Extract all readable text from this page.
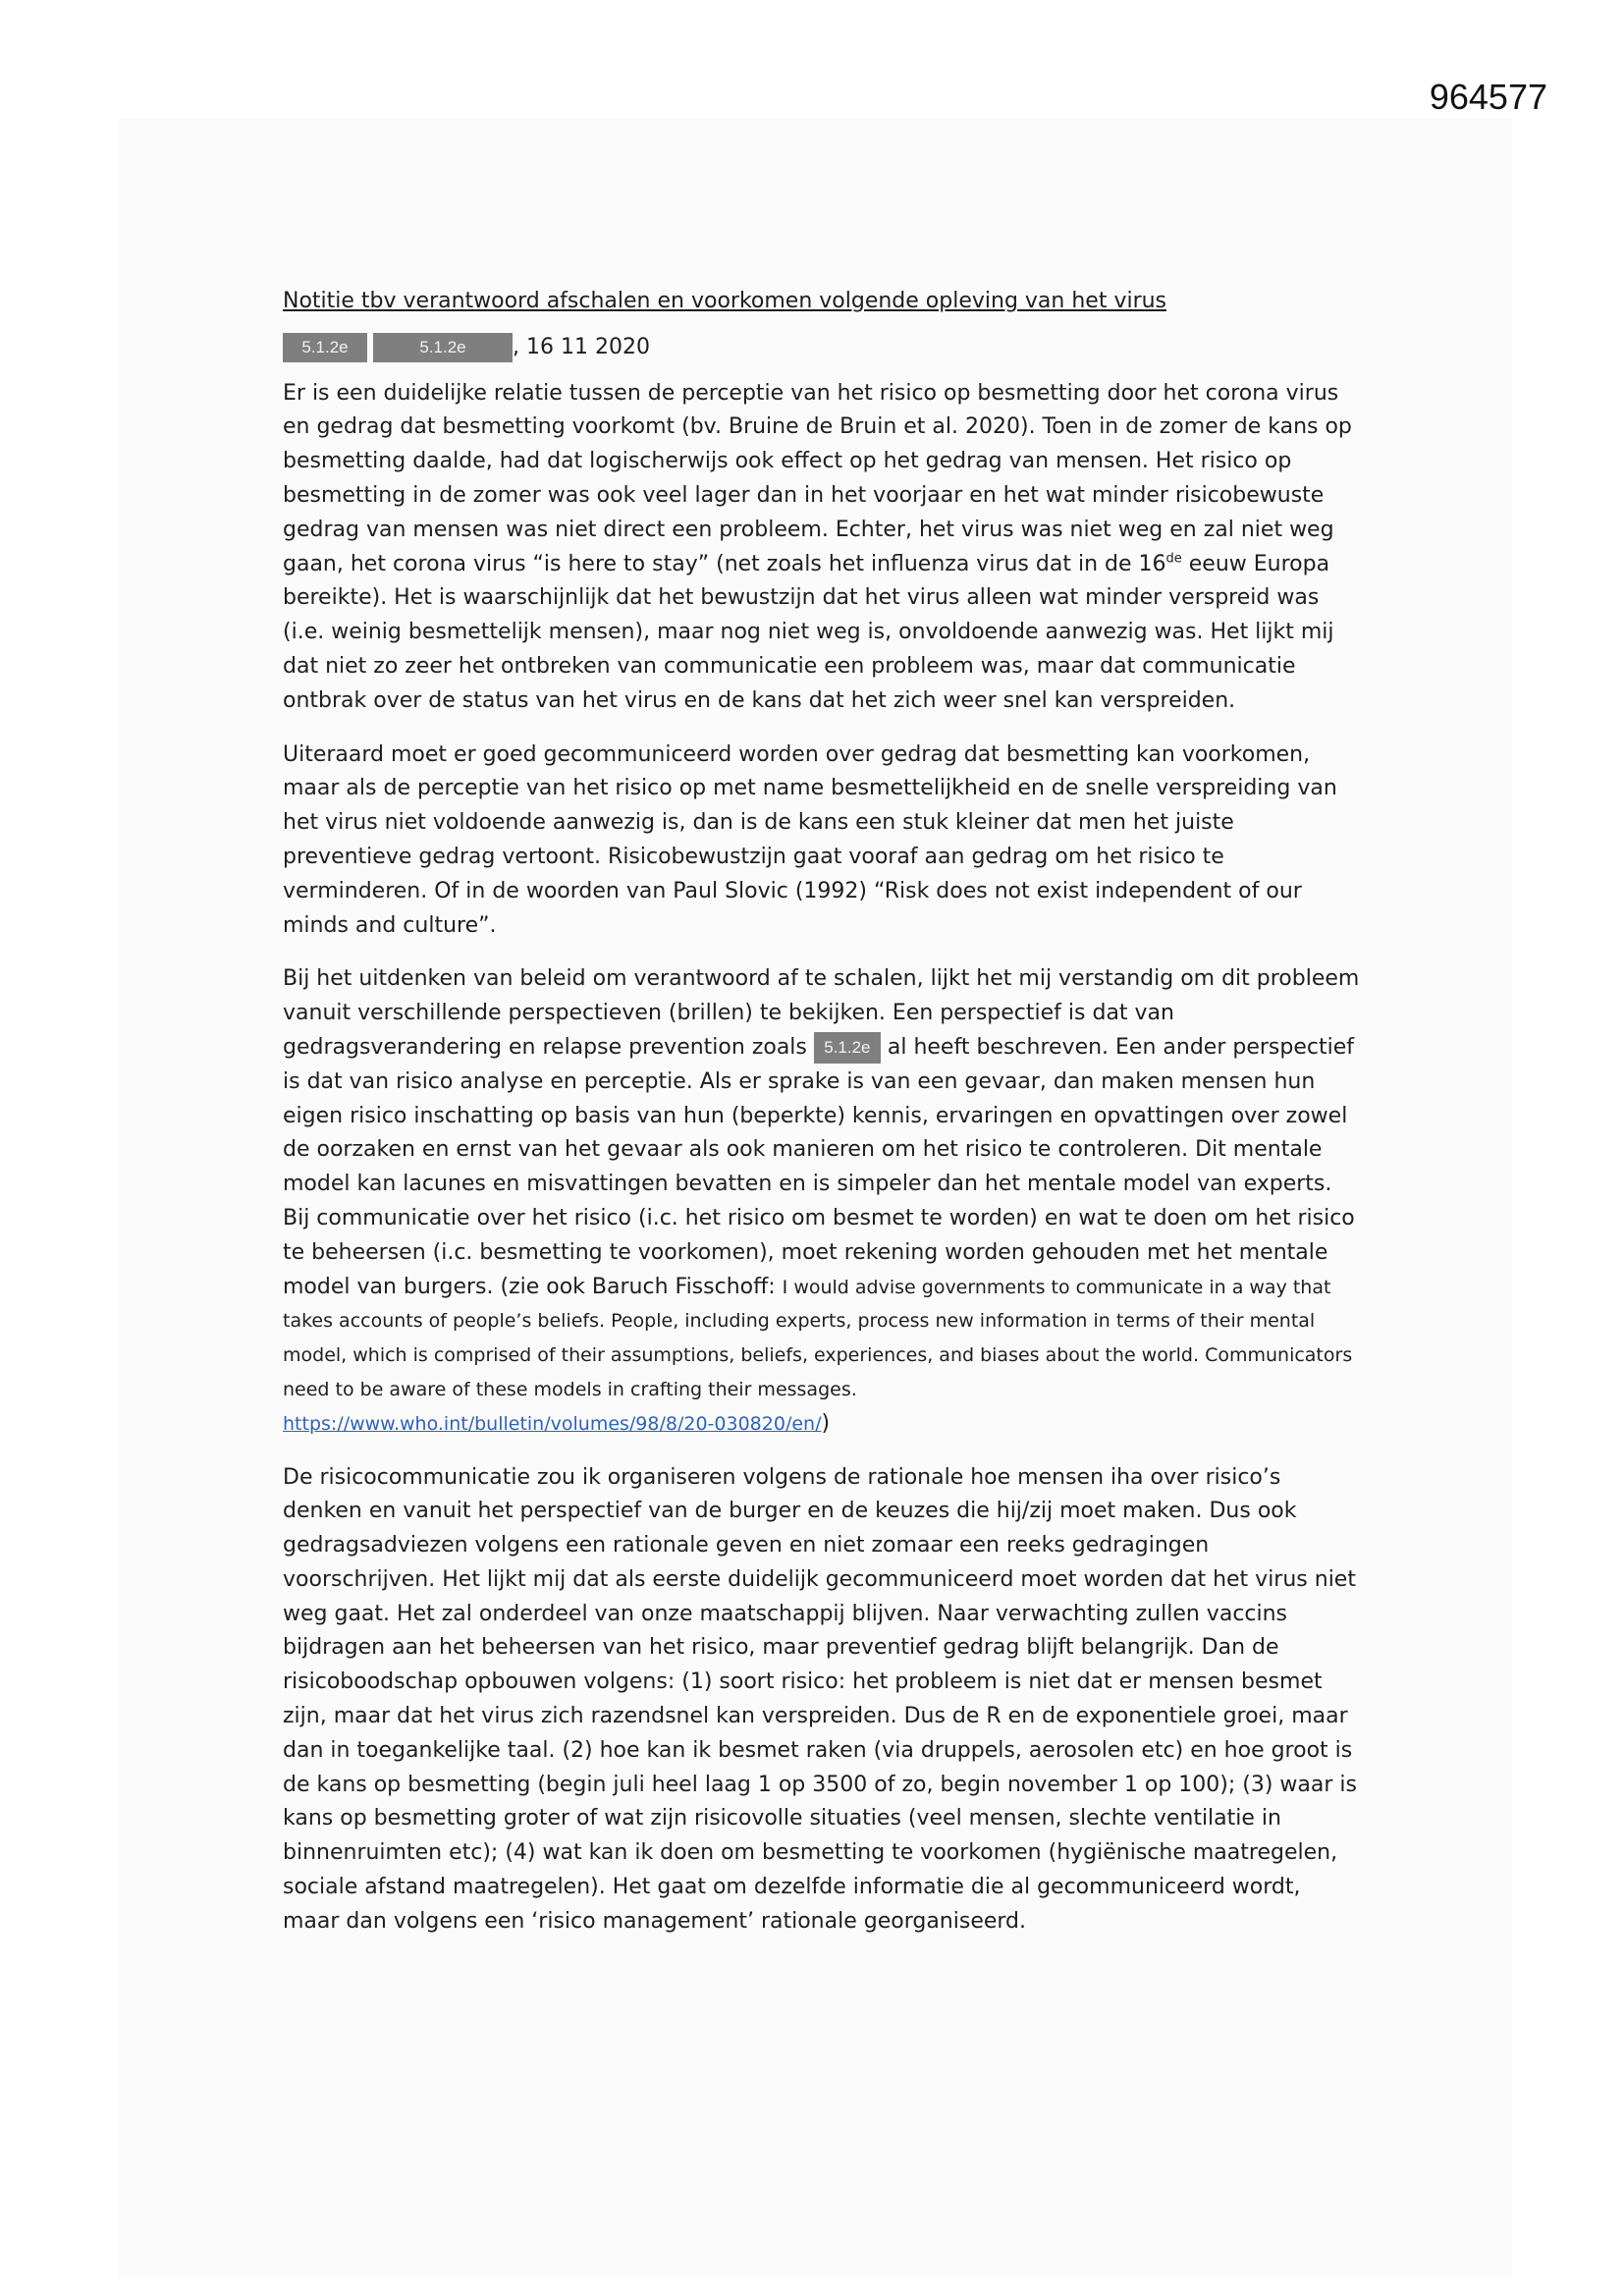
964577
Notitie tbv verantwoord afschalen en voorkomen volgende opleving van het virus
5.1.2e	5.1.2e , 16 11 2020

Er is een duidelijke relatie tussen de perceptie van het risico op besmetting door het corona virus en gedrag dat besmetting voorkomt (bv. Bruine de Bruin et al. 2020). Toen in de zomer de kans op besmetting daalde, had dat logischerwijs ook effect op het gedrag van mensen. Het risico op besmetting in de zomer was ook veel lager dan in het voorjaar en het wat minder risicobewuste gedrag van mensen was niet direct een probleem. Echter, het virus was niet weg en zal niet weg gaan, het corona virus “is here to stay” (net zoals het influenza virus dat in de 16de eeuw Europa bereikte). Het is waarschijnlijk dat het bewustzijn dat het virus alleen wat minder verspreid was (i.e. weinig besmettelijk mensen), maar nog niet weg is, onvoldoende aanwezig was. Het lijkt mij dat niet zo zeer het ontbreken van communicatie een probleem was, maar dat communicatie ontbrak over de status van het virus en de kans dat het zich weer snel kan verspreiden.

Uiteraard moet er goed gecommuniceerd worden over gedrag dat besmetting kan voorkomen, maar als de perceptie van het risico op met name besmettelijkheid en de snelle verspreiding van het virus niet voldoende aanwezig is, dan is de kans een stuk kleiner dat men het juiste preventieve gedrag vertoont. Risicobewustzijn gaat vooraf aan gedrag om het risico te verminderen. Of in de woorden van Paul Slovic (1992) “Risk does not exist independent of our minds and culture”.

Bij het uitdenken van beleid om verantwoord af te schalen, lijkt het mij verstandig om dit probleem vanuit verschillende perspectieven (brillen) te bekijken. Een perspectief is dat van gedragsverandering en relapse prevention zoals 5.1.2e al heeft beschreven. Een ander perspectief is dat van risico analyse en perceptie. Als er sprake is van een gevaar, dan maken mensen hun eigen risico inschatting op basis van hun (beperkte) kennis, ervaringen en opvattingen over zowel de oorzaken en ernst van het gevaar als ook manieren om het risico te controleren. Dit mentale model kan lacunes en misvattingen bevatten en is simpeler dan het mentale model van experts. Bij communicatie over het risico (i.c. het risico om besmet te worden) en wat te doen om het risico te beheersen (i.c. besmetting te voorkomen), moet rekening worden gehouden met het mentale model van burgers. (zie ook Baruch Fisschoff: I would advise governments to communicate in a way that takes accounts of people’s beliefs. People, including experts, process new information in terms of their mental model, which is comprised of their assumptions, beliefs, experiences, and biases about the world. Communicators need to be aware of these models in crafting their messages.
https://www.who.int/bulletin/volumes/98/8/20-030820/en/)

De risicocommunicatie zou ik organiseren volgens de rationale hoe mensen iha over risico’s denken en vanuit het perspectief van de burger en de keuzes die hij/zij moet maken. Dus ook gedragsadviezen volgens een rationale geven en niet zomaar een reeks gedragingen voorschrijven. Het lijkt mij dat als eerste duidelijk gecommuniceerd moet worden dat het virus niet weg gaat. Het zal onderdeel van onze maatschappij blijven. Naar verwachting zullen vaccins bijdragen aan het beheersen van het risico, maar preventief gedrag blijft belangrijk. Dan de risicoboodschap opbouwen volgens: (1) soort risico: het probleem is niet dat er mensen besmet zijn, maar dat het virus zich razendsnel kan verspreiden. Dus de R en de exponentiele groei, maar dan in toegankelijke taal. (2) hoe kan ik besmet raken (via druppels, aerosolen etc) en hoe groot is de kans op besmetting (begin juli heel laag 1 op 3500 of zo, begin november 1 op 100); (3) waar is kans op besmetting groter of wat zijn risicovolle situaties (veel mensen, slechte ventilatie in binnenruimten etc); (4) wat kan ik doen om besmetting te voorkomen (hygiënische maatregelen, sociale afstand maatregelen). Het gaat om dezelfde informatie die al gecommuniceerd wordt, maar dan volgens een ‘risico management’ rationale georganiseerd.
